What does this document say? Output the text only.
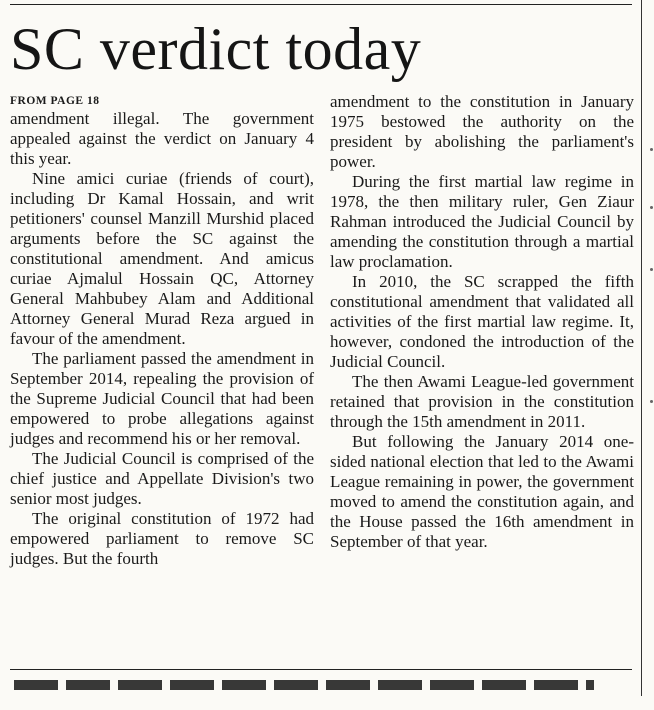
SC verdict today
FROM PAGE 18

amendment illegal. The government appealed against the verdict on January 4 this year.

Nine amici curiae (friends of court), including Dr Kamal Hossain, and writ petitioners' counsel Manzill Murshid placed arguments before the SC against the constitutional amendment. And amicus curiae Ajmalul Hossain QC, Attorney General Mahbubey Alam and Additional Attorney General Murad Reza argued in favour of the amendment.

The parliament passed the amendment in September 2014, repealing the provision of the Supreme Judicial Council that had been empowered to probe allegations against judges and recommend his or her removal.

The Judicial Council is comprised of the chief justice and Appellate Division's two senior most judges.

The original constitution of 1972 had empowered parliament to remove SC judges. But the fourth

amendment to the constitution in January 1975 bestowed the authority on the president by abolishing the parliament's power.

During the first martial law regime in 1978, the then military ruler, Gen Ziaur Rahman introduced the Judicial Council by amending the constitution through a martial law proclamation.

In 2010, the SC scrapped the fifth constitutional amendment that validated all activities of the first martial law regime. It, however, condoned the introduction of the Judicial Council.

The then Awami League-led government retained that provision in the constitution through the 15th amendment in 2011.

But following the January 2014 one-sided national election that led to the Awami League remaining in power, the government moved to amend the constitution again, and the House passed the 16th amendment in September of that year.
